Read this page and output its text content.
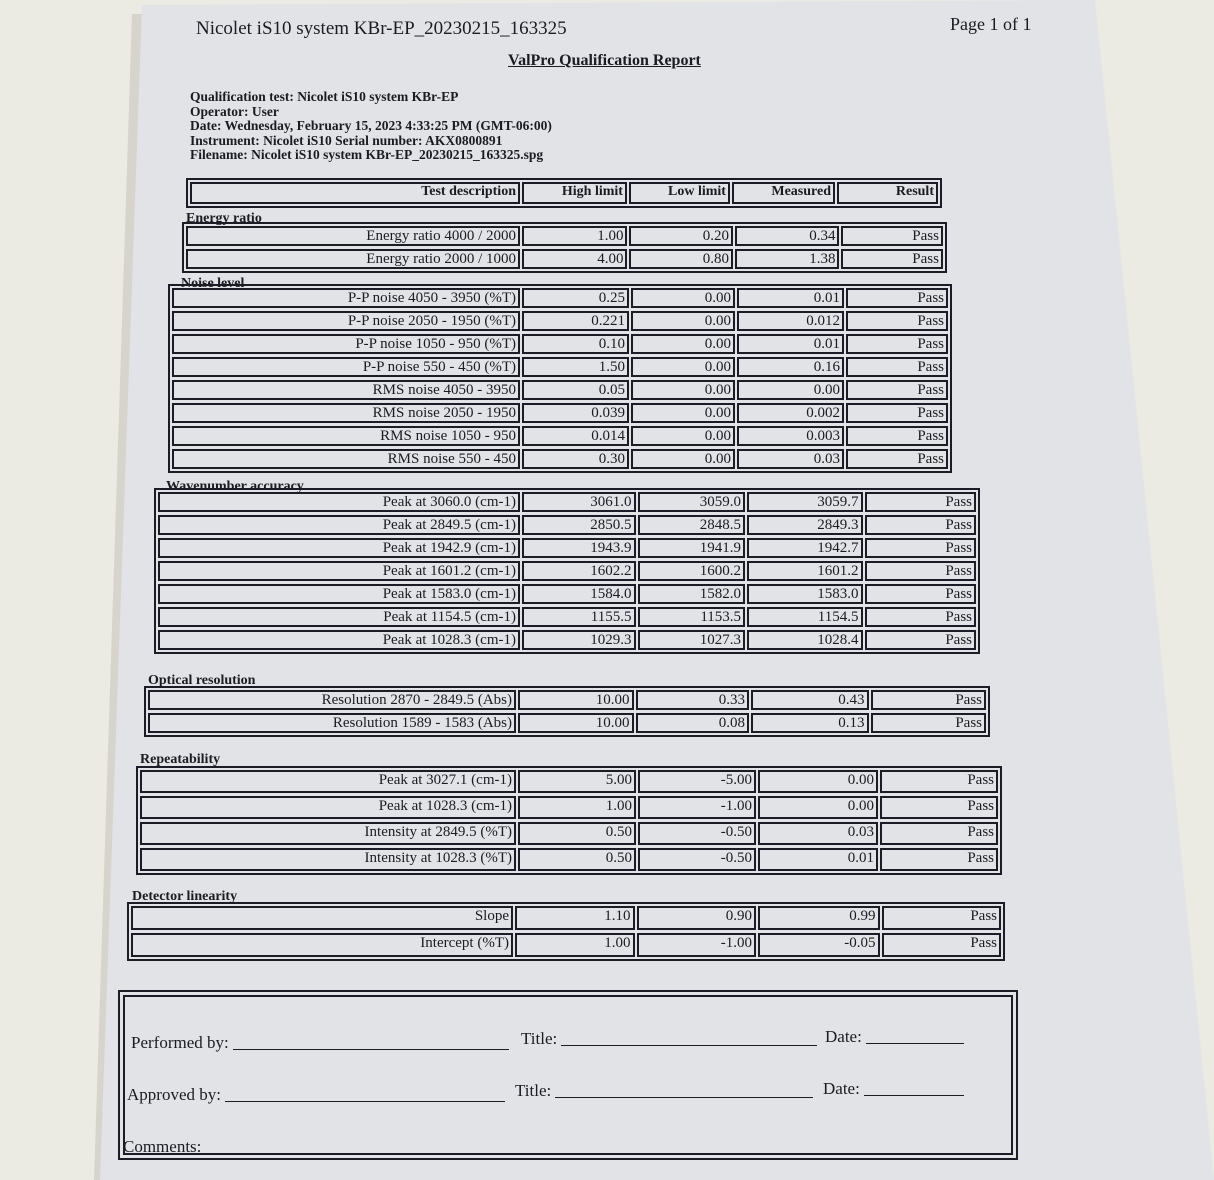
Nicolet iS10 system KBr-EP_20230215_163325	Page 1 of 1
ValPro Qualification Report
Qualification test: Nicolet iS10 system KBr-EP
Operator: User
Date: Wednesday, February 15, 2023 4:33:25 PM (GMT-06:00)
Instrument: Nicolet iS10 Serial number: AKX0800891
Filename: Nicolet iS10 system KBr-EP_20230215_163325.spg
Test description	High limit	Low limit	Measured	Result
Energy ratio
Energy ratio 4000 / 2000	1.00	0.20	0.34	Pass
Energy ratio 2000 / 1000	4.00	0.80	1.38	Pass
Noise level
P-P noise 4050 - 3950 (%T)	0.25	0.00	0.01	Pass
P-P noise 2050 - 1950 (%T)	0.221	0.00	0.012	Pass
P-P noise 1050 - 950 (%T)	0.10	0.00	0.01	Pass
P-P noise 550 - 450 (%T)	1.50	0.00	0.16	Pass
RMS noise 4050 - 3950	0.05	0.00	0.00	Pass
RMS noise 2050 - 1950	0.039	0.00	0.002	Pass
RMS noise 1050 - 950	0.014	0.00	0.003	Pass
RMS noise 550 - 450	0.30	0.00	0.03	Pass
Wavenumber accuracy
Peak at 3060.0 (cm-1)	3061.0	3059.0	3059.7	Pass
Peak at 2849.5 (cm-1)	2850.5	2848.5	2849.3	Pass
Peak at 1942.9 (cm-1)	1943.9	1941.9	1942.7	Pass
Peak at 1601.2 (cm-1)	1602.2	1600.2	1601.2	Pass
Peak at 1583.0 (cm-1)	1584.0	1582.0	1583.0	Pass
Peak at 1154.5 (cm-1)	1155.5	1153.5	1154.5	Pass
Peak at 1028.3 (cm-1)	1029.3	1027.3	1028.4	Pass
Optical resolution
Resolution 2870 - 2849.5 (Abs)	10.00	0.33	0.43	Pass
Resolution 1589 - 1583 (Abs)	10.00	0.08	0.13	Pass
Repeatability
Peak at 3027.1 (cm-1)	5.00	-5.00	0.00	Pass
Peak at 1028.3 (cm-1)	1.00	-1.00	0.00	Pass
Intensity at 2849.5 (%T)	0.50	-0.50	0.03	Pass
Intensity at 1028.3 (%T)	0.50	-0.50	0.01	Pass
Detector linearity
Slope	1.10	0.90	0.99	Pass
Intercept (%T)	1.00	-1.00	-0.05	Pass
Performed by:	Title:	Date:
Approved by:	Title:	Date:
Comments:
